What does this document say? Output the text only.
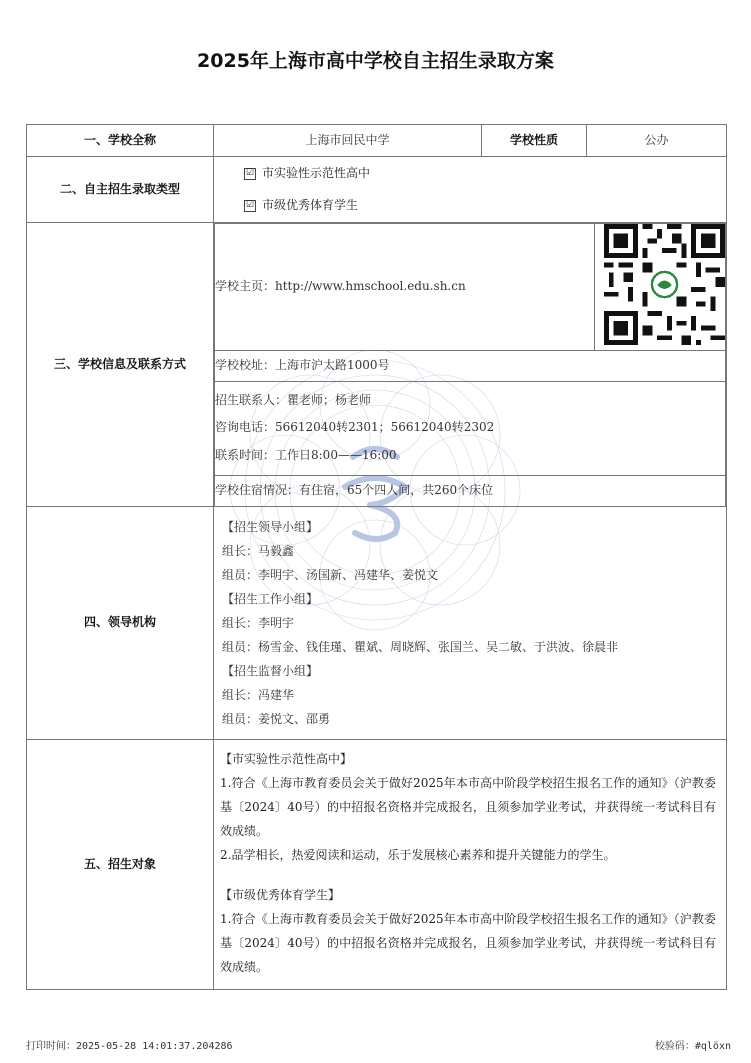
2025年上海市高中学校自主招生录取方案
一、学校全称	上海市回民中学	学校性质	公办
二、自主招生录取类型	
☑ 市实验性示范性高中
☑ 市级优秀体育学生

三、学校信息及联系方式	
学校主页：http://www.hmschool.edu.sh.cn	
学校校址：上海市沪太路1000号

招生联系人：瞿老师；杨老师
咨询电话：56612040转2301；56612040转2302
联系时间：工作日8:00——16:00

学校住宿情况：有住宿，65个四人间，共260个床位

四、领导机构	
【招生领导小组】
组长：马毅鑫
组员：李明宇、汤国新、冯建华、姜悦文
【招生工作小组】
组长：李明宇
组员：杨雪金、钱佳瑾、瞿斌、周晓辉、张国兰、吴二敏、于洪波、徐晨非
【招生监督小组】
组长：冯建华
组员：姜悦文、邵勇

五、招生对象	
【市实验性示范性高中】
1.符合《上海市教育委员会关于做好2025年本市高中阶段学校招生报名工作的通知》（沪教委基〔2024〕40号）的中招报名资格并完成报名，且须参加学业考试，并获得统一考试科目有效成绩。
2.品学相长，热爱阅读和运动，乐于发展核心素养和提升关键能力的学生。
【市级优秀体育学生】
1.符合《上海市教育委员会关于做好2025年本市高中阶段学校招生报名工作的通知》（沪教委基〔2024〕40号）的中招报名资格并完成报名，且须参加学业考试，并获得统一考试科目有效成绩。
打印时间：2025-05-28 14:01:37.204286	校验码：#qlöxn
